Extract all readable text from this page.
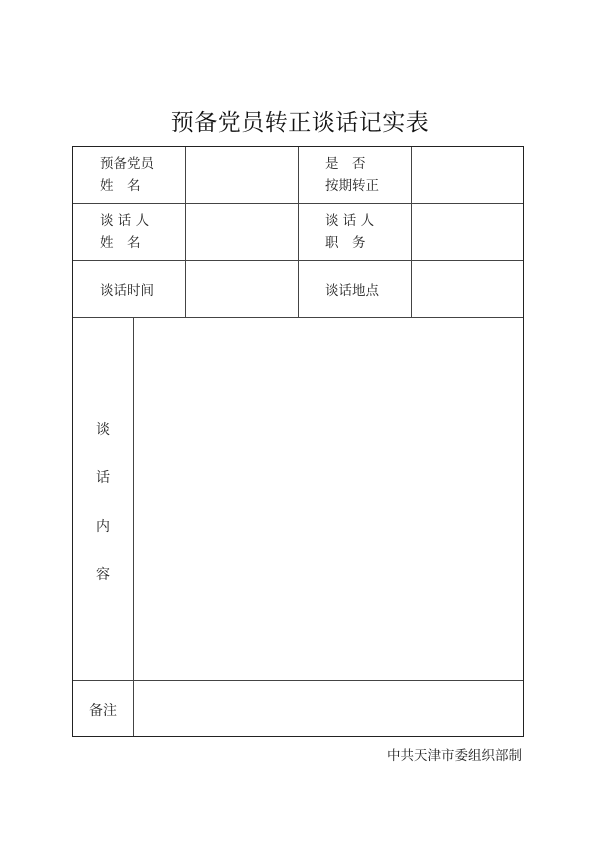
预备党员转正谈话记实表
预备党员
姓　名
是　否
按期转正
谈 话 人
姓　名
谈 话 人
职　务
谈话时间	谈话地点
谈
话
内
容
备注
中共天津市委组织部制
